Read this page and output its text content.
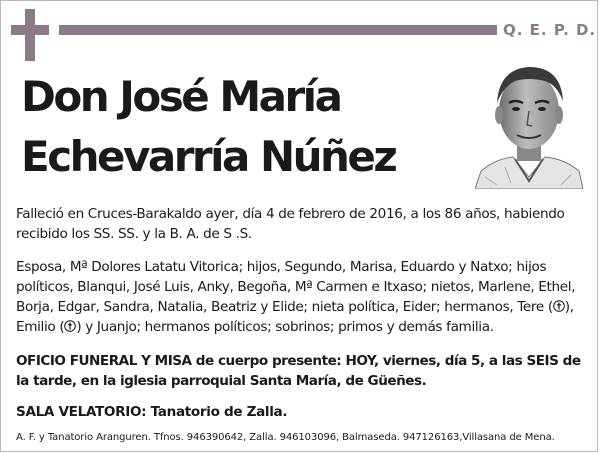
Q. E. P. D.
Don José María
Echevarría Núñez
Falleció en Cruces-Barakaldo ayer, día 4 de febrero de 2016, a los 86 años, habiendo recibido los SS. SS. y la B. A. de S .S.
Esposa, Mª Dolores Latatu Vitorica; hijos, Segundo, Marisa, Eduardo y Natxo; hijos políticos, Blanqui, José Luis, Anky, Begoña, Mª Carmen e Itxaso; nietos, Marlene, Ethel, Borja, Edgar, Sandra, Natalia, Beatriz y Elide; nieta política, Eider; hermanos, Tere ( ), Emilio ( ) y Juanjo; hermanos políticos; sobrinos; primos y demás familia.
OFICIO FUNERAL Y MISA de cuerpo presente: HOY, viernes, día 5, a las SEIS de la tarde, en la iglesia parroquial Santa María, de Güeñes.
SALA VELATORIO: Tanatorio de Zalla.
A. F. y Tanatorio Aranguren. Tfnos. 946390642, Zalla. 946103096, Balmaseda. 947126163,Villasana de Mena.
